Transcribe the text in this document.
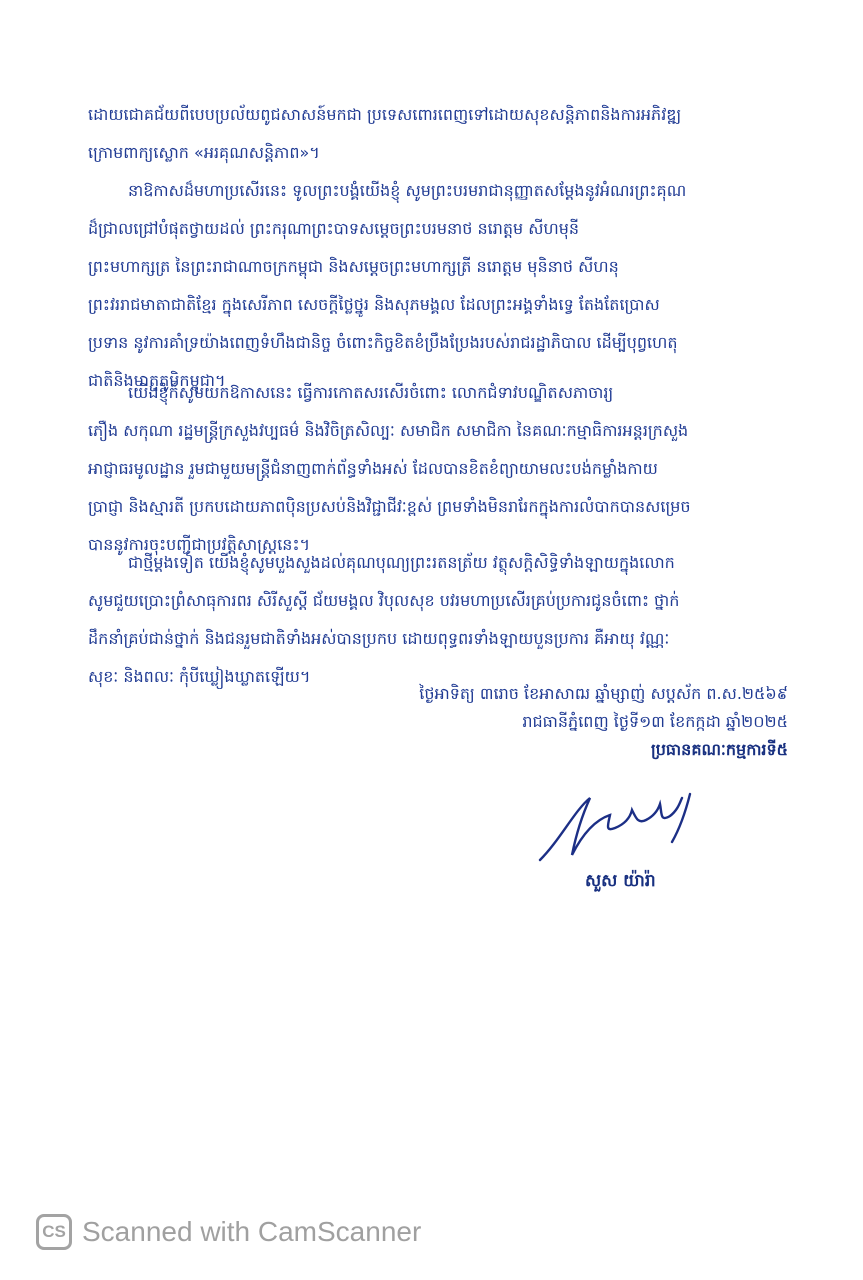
ដោយជោគជ័យពីបេបប្រល័យពូជសាសន៍មកជា ប្រទេសពោរពេញទៅដោយសុខសន្តិភាពនិងការអភិវឌ្ឍ
ក្រោមពាក្យស្លោក «អរគុណសន្តិភាព»។
នាឱកាសដ៏មហាប្រសើរនេះ ទូលព្រះបង្គំយើងខ្ញុំ សូមព្រះបរមរាជានុញ្ញាតសម្តែងនូវអំណរព្រះគុណ
ដ៏ជ្រាលជ្រៅបំផុតថ្វាយដល់ ព្រះករុណាព្រះបាទសម្តេចព្រះបរមនាថ នរោត្តម សីហមុនី
ព្រះមហាក្សត្រ នៃព្រះរាជាណាចក្រកម្ពុជា និងសម្តេចព្រះមហាក្សត្រី នរោត្តម មុនិនាថ សីហនុ
ព្រះវររាជមាតាជាតិខ្មែរ ក្នុងសេរីភាព សេចក្តីថ្លៃថ្នូរ និងសុភមង្គល ដែលព្រះអង្គទាំងទ្វេ តែងតែប្រោស
ប្រទាន នូវការគាំទ្រយ៉ាងពេញទំហឹងជានិច្ច ចំពោះកិច្ចខិតខំប្រឹងប្រែងរបស់រាជរដ្ឋាភិបាល ដើម្បីបុព្វហេតុ
ជាតិនិងមាតុភូមិកម្ពុជា។
យើងខ្ញុំក៏សូមយកឱកាសនេះ ធ្វើការកោតសរសើរចំពោះ លោកជំទាវបណ្ឌិតសភាចារ្យ
ភឿង សកុណា រដ្ឋមន្ត្រីក្រសួងវប្បធម៌ និងវិចិត្រសិល្បៈ សមាជិក សមាជិកា នៃគណៈកម្មាធិការអន្តរក្រសួង
អាជ្ញាធរមូលដ្ឋាន រួមជាមួយមន្ត្រីជំនាញពាក់ព័ន្ធទាំងអស់ ដែលបានខិតខំព្យាយាមលះបង់កម្លាំងកាយ
ប្រាជ្ញា និងស្មារតី ប្រកបដោយភាពប៉ិនប្រសប់និងវិជ្ជាជីវៈខ្ពស់ ព្រមទាំងមិនរារែកក្នុងការលំបាកបានសម្រេច
បាននូវការចុះបញ្ជីជាប្រវត្តិសាស្ត្រនេះ។
ជាថ្មីម្តងទៀត យើងខ្ញុំសូមបួងសួងដល់គុណបុណ្យព្រះរតនត្រ័យ វត្ថុសក្តិសិទ្ធិទាំងឡាយក្នុងលោក
សូមជួយប្រោះព្រំសាធុការពរ សិរីសួស្តី ជ័យមង្គល វិបុលសុខ បវរមហាប្រសើរគ្រប់ប្រការជូនចំពោះ ថ្នាក់
ដឹកនាំគ្រប់ជាន់ថ្នាក់ និងជនរួមជាតិទាំងអស់បានប្រកប ដោយពុទ្ធពរទាំងឡាយបួនប្រការ គឺអាយុ វណ្ណៈ
សុខៈ និងពលៈ កុំបីឃ្លៀងឃ្លាតឡើយ។
ថ្ងៃអាទិត្យ ៣រោច ខែអាសាឍ ឆ្នាំម្សាញ់ សប្តស័ក ព.ស.២៥៦៩
រាជធានីភ្នំពេញ ថ្ងៃទី១៣ ខែកក្កដា ឆ្នាំ២០២៥
ប្រធានគណៈកម្មការទី៥
សួស យ៉ារ៉ា
CS Scanned with CamScanner
